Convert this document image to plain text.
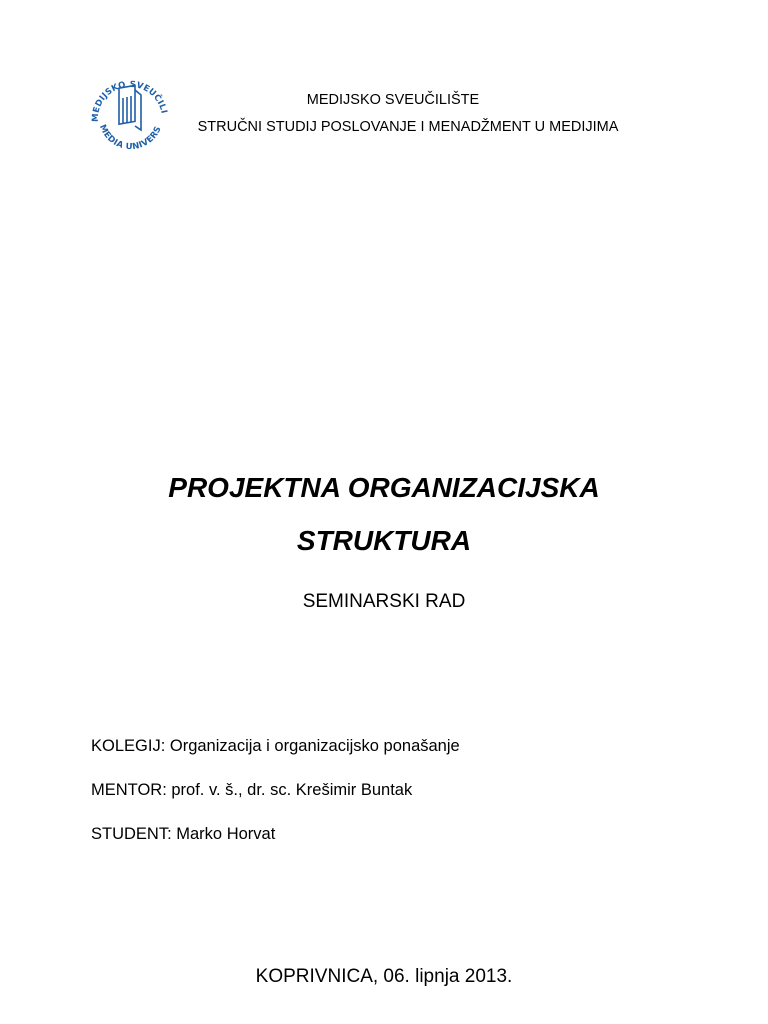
MEDIJSKO SVEUČILI
MEDIA UNIVERS
MEDIJSKO SVEUČILIŠTE
STRUČNI STUDIJ POSLOVANJE I MENADŽMENT U MEDIJIMA
PROJEKTNA ORGANIZACIJSKA
STRUKTURA
SEMINARSKI RAD
KOLEGIJ: Organizacija i organizacijsko ponašanje
MENTOR: prof. v. š., dr. sc. Krešimir Buntak
STUDENT: Marko Horvat
KOPRIVNICA, 06. lipnja 2013.
